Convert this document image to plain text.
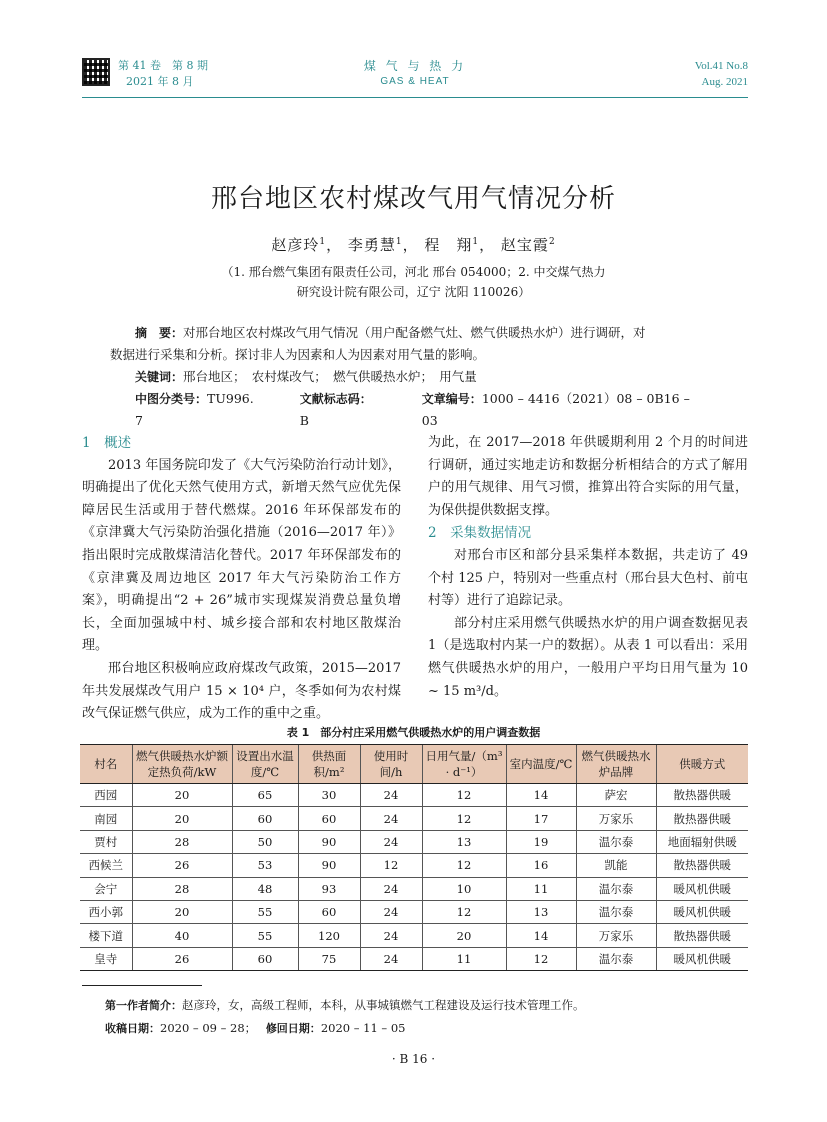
第 41 卷　第 8 期
2021 年 8 月
煤 气 与 热 力
GAS & HEAT
Vol.41 No.8
Aug. 2021
邢台地区农村煤改气用气情况分析
赵彦玲$^1$， 李勇慧$^1$， 程　翔$^1$， 赵宝霞$^2$
（1. 邢台燃气集团有限责任公司，河北 邢台 054000；2. 中交煤气热力
研究设计院有限公司，辽宁 沈阳 110026）
摘　要：对邢台地区农村煤改气用气情况（用户配备燃气灶、燃气供暖热水炉）进行调研，对
数据进行采集和分析。探讨非人为因素和人为因素对用气量的影响。
关键词：邢台地区；　农村煤改气；　燃气供暖热水炉；　用气量
中图分类号：TU996. 7
文献标志码：B
文章编号：1000 – 4416（2021）08 – 0B16 – 03
1　概述

2013 年国务院印发了《大气污染防治行动计划》，明确提出了优化天然气使用方式，新增天然气应优先保障居民生活或用于替代燃煤。2016 年环保部发布的《京津冀大气污染防治强化措施（2016—2017 年）》指出限时完成散煤清洁化替代。2017 年环保部发布的《京津冀及周边地区 2017 年大气污染防治工作方案》，明确提出“2 + 26”城市实现煤炭消费总量负增长，全面加强城中村、城乡接合部和农村地区散煤治理。

邢台地区积极响应政府煤改气政策，2015—2017 年共发展煤改气用户 15 × 10⁴ 户，冬季如何为农村煤改气保证燃气供应，成为工作的重中之重。

为此，在 2017—2018 年供暖期利用 2 个月的时间进行调研，通过实地走访和数据分析相结合的方式了解用户的用气规律、用气习惯，推算出符合实际的用气量，为保供提供数据支撑。

2　采集数据情况

对邢台市区和部分县采集样本数据，共走访了 49 个村 125 户，特别对一些重点村（邢台县大色村、前屯村等）进行了追踪记录。

部分村庄采用燃气供暖热水炉的用户调查数据见表 1（是选取村内某一户的数据）。从表 1 可以看出：采用燃气供暖热水炉的用户，一般用户平均日用气量为 10 ~ 15 m³/d。

表 1　部分村庄采用燃气供暖热水炉的用户调查数据
村名	燃气供暖热水炉额定热负荷/kW	设置出水温度/℃	供热面积/m²	使用时间/h	日用气量/（m³ · d⁻¹）	室内温度/℃	燃气供暖热水炉品牌	供暖方式
西园	20	65	30	24	12	14	萨宏	散热器供暖
南园	20	60	60	24	12	17	万家乐	散热器供暖
贾村	28	50	90	24	13	19	温尔泰	地面辐射供暖
西候兰	26	53	90	12	12	16	凯能	散热器供暖
会宁	28	48	93	24	10	11	温尔泰	暖风机供暖
西小郭	20	55	60	24	12	13	温尔泰	暖风机供暖
楼下道	40	55	120	24	20	14	万家乐	散热器供暖
皇寺	26	60	75	24	11	12	温尔泰	暖风机供暖
第一作者简介：赵彦玲，女，高级工程师，本科，从事城镇燃气工程建设及运行技术管理工作。
收稿日期：2020 – 09 – 28； 修回日期：2020 – 11 – 05
· B 16 ·
